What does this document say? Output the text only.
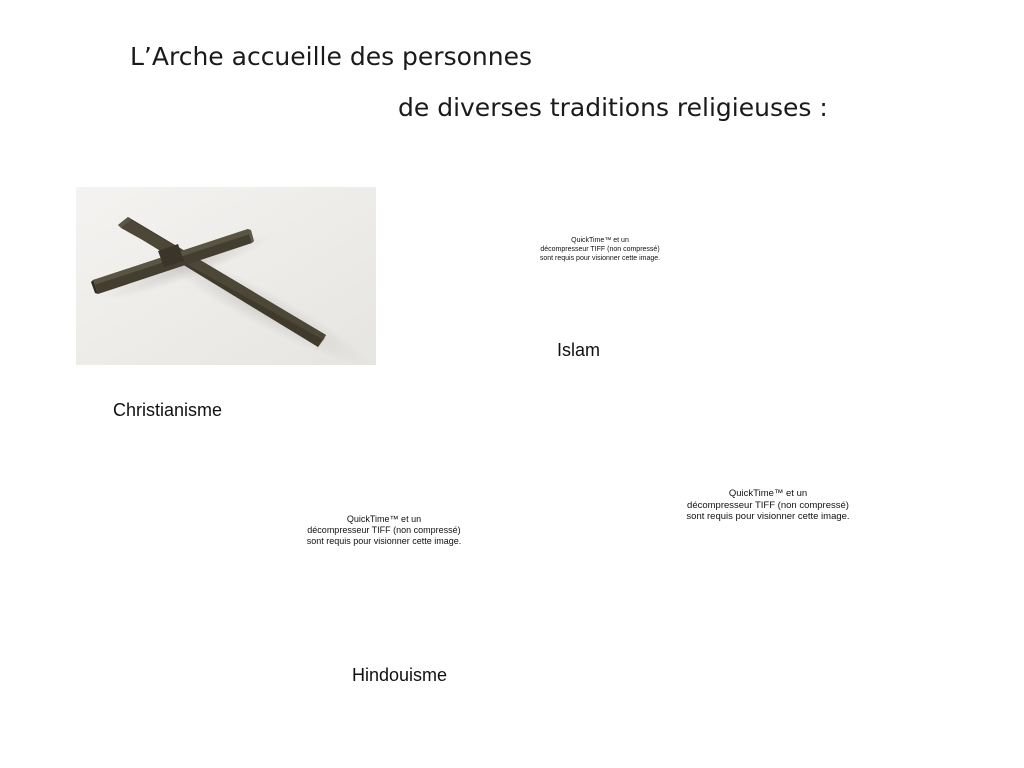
L’Arche accueille des personnes
de diverses traditions religieuses :
Christianisme
QuickTime™ et un
décompresseur TIFF (non compressé)
sont requis pour visionner cette image.
Islam
QuickTime™ et un
décompresseur TIFF (non compressé)
sont requis pour visionner cette image.
Hindouisme
QuickTime™ et un
décompresseur TIFF (non compressé)
sont requis pour visionner cette image.
